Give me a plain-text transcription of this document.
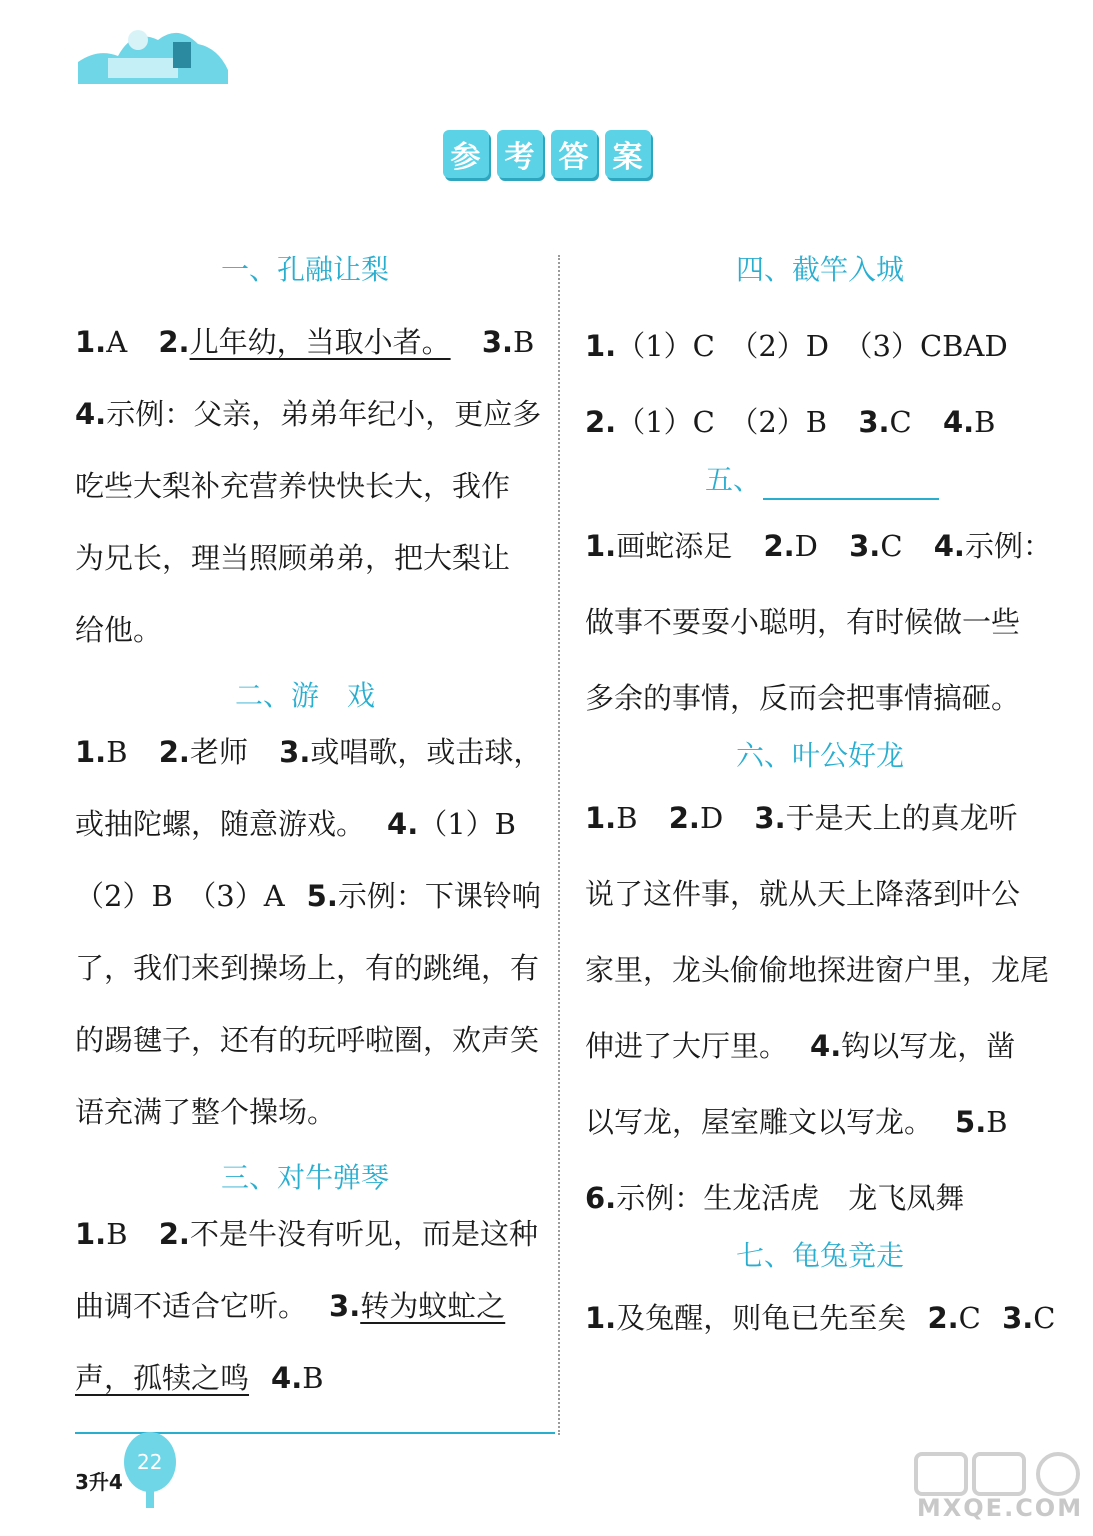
参 考 答 案

一、孔融让梨

1.A 2.儿年幼，当取小者。 3.B

4.示例：父亲，弟弟年纪小，更应多

吃些大梨补充营养快快长大，我作

为兄长，理当照顾弟弟，把大梨让

给他。

二、游　戏

1.B 2.老师 3.或唱歌，或击球，

或抽陀螺，随意游戏。 4.（1）B

（2）B　（3）A 5.示例：下课铃响

了，我们来到操场上，有的跳绳，有

的踢毽子，还有的玩呼啦圈，欢声笑

语充满了整个操场。

三、对牛弹琴

1.B 2.不是牛没有听见，而是这种

曲调不适合它听。 3.转为蚊虻之

声，孤犊之鸣 4.B

四、截竿入城

1.（1）C　（2）D　（3）CBAD

2.（1）C　（2）B 3.C 4.B

五、

1.画蛇添足 2.D 3.C 4.示例：

做事不要耍小聪明，有时候做一些

多余的事情，反而会把事情搞砸。

六、叶公好龙

1.B 2.D 3.于是天上的真龙听

说了这件事，就从天上降落到叶公

家里，龙头偷偷地探进窗户里，龙尾

伸进了大厅里。 4.钩以写龙，凿

以写龙，屋室雕文以写龙。 5.B

6.示例：生龙活虎　龙飞凤舞

七、龟兔竞走

1.及兔醒，则龟已先至矣 2.C 3.C

3升4
22
MXQE.COM
